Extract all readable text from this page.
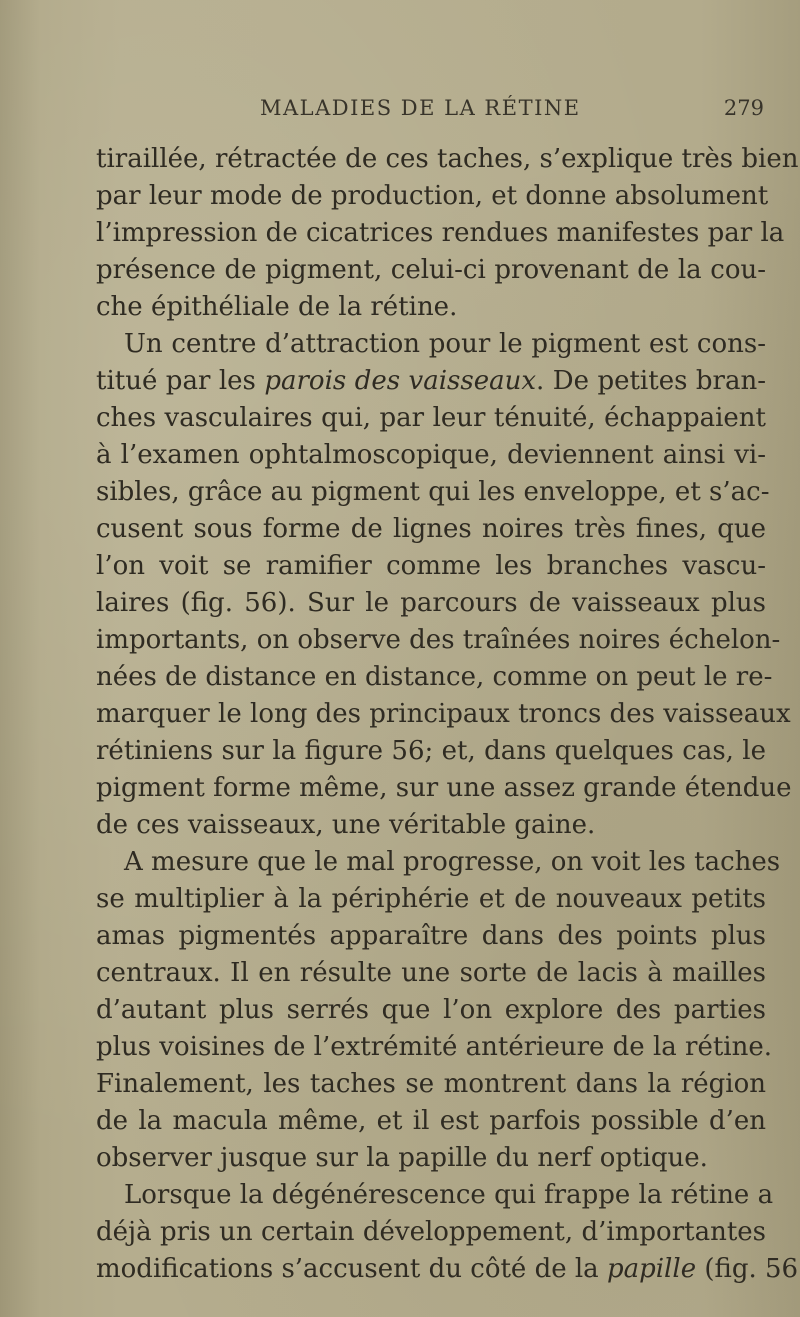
MALADIES DE LA RÉTINE	279
tiraillée, rétractée de ces taches, s’explique très bien
par leur mode de production, et donne absolument
l’impression de cicatrices rendues manifestes par la
présence de pigment, celui-ci provenant de la cou-
che épithéliale de la rétine.
Un centre d’attraction pour le pigment est cons-
titué par les parois des vaisseaux. De petites bran-
ches vasculaires qui, par leur ténuité, échappaient
à l’examen ophtalmoscopique, deviennent ainsi vi-
sibles, grâce au pigment qui les enveloppe, et s’ac-
cusent sous forme de lignes noires très fines, que
l’on voit se ramifier comme les branches vascu-
laires (fig. 56). Sur le parcours de vaisseaux plus
importants, on observe des traînées noires échelon-
nées de distance en distance, comme on peut le re-
marquer le long des principaux troncs des vaisseaux
rétiniens sur la figure 56; et, dans quelques cas, le
pigment forme même, sur une assez grande étendue
de ces vaisseaux, une véritable gaine.
A mesure que le mal progresse, on voit les taches
se multiplier à la périphérie et de nouveaux petits
amas pigmentés apparaître dans des points plus
centraux. Il en résulte une sorte de lacis à mailles
d’autant plus serrés que l’on explore des parties
plus voisines de l’extrémité antérieure de la rétine.
Finalement, les taches se montrent dans la région
de la macula même, et il est parfois possible d’en
observer jusque sur la papille du nerf optique.
Lorsque la dégénérescence qui frappe la rétine a
déjà pris un certain développement, d’importantes
modifications s’accusent du côté de la papille (fig. 56
